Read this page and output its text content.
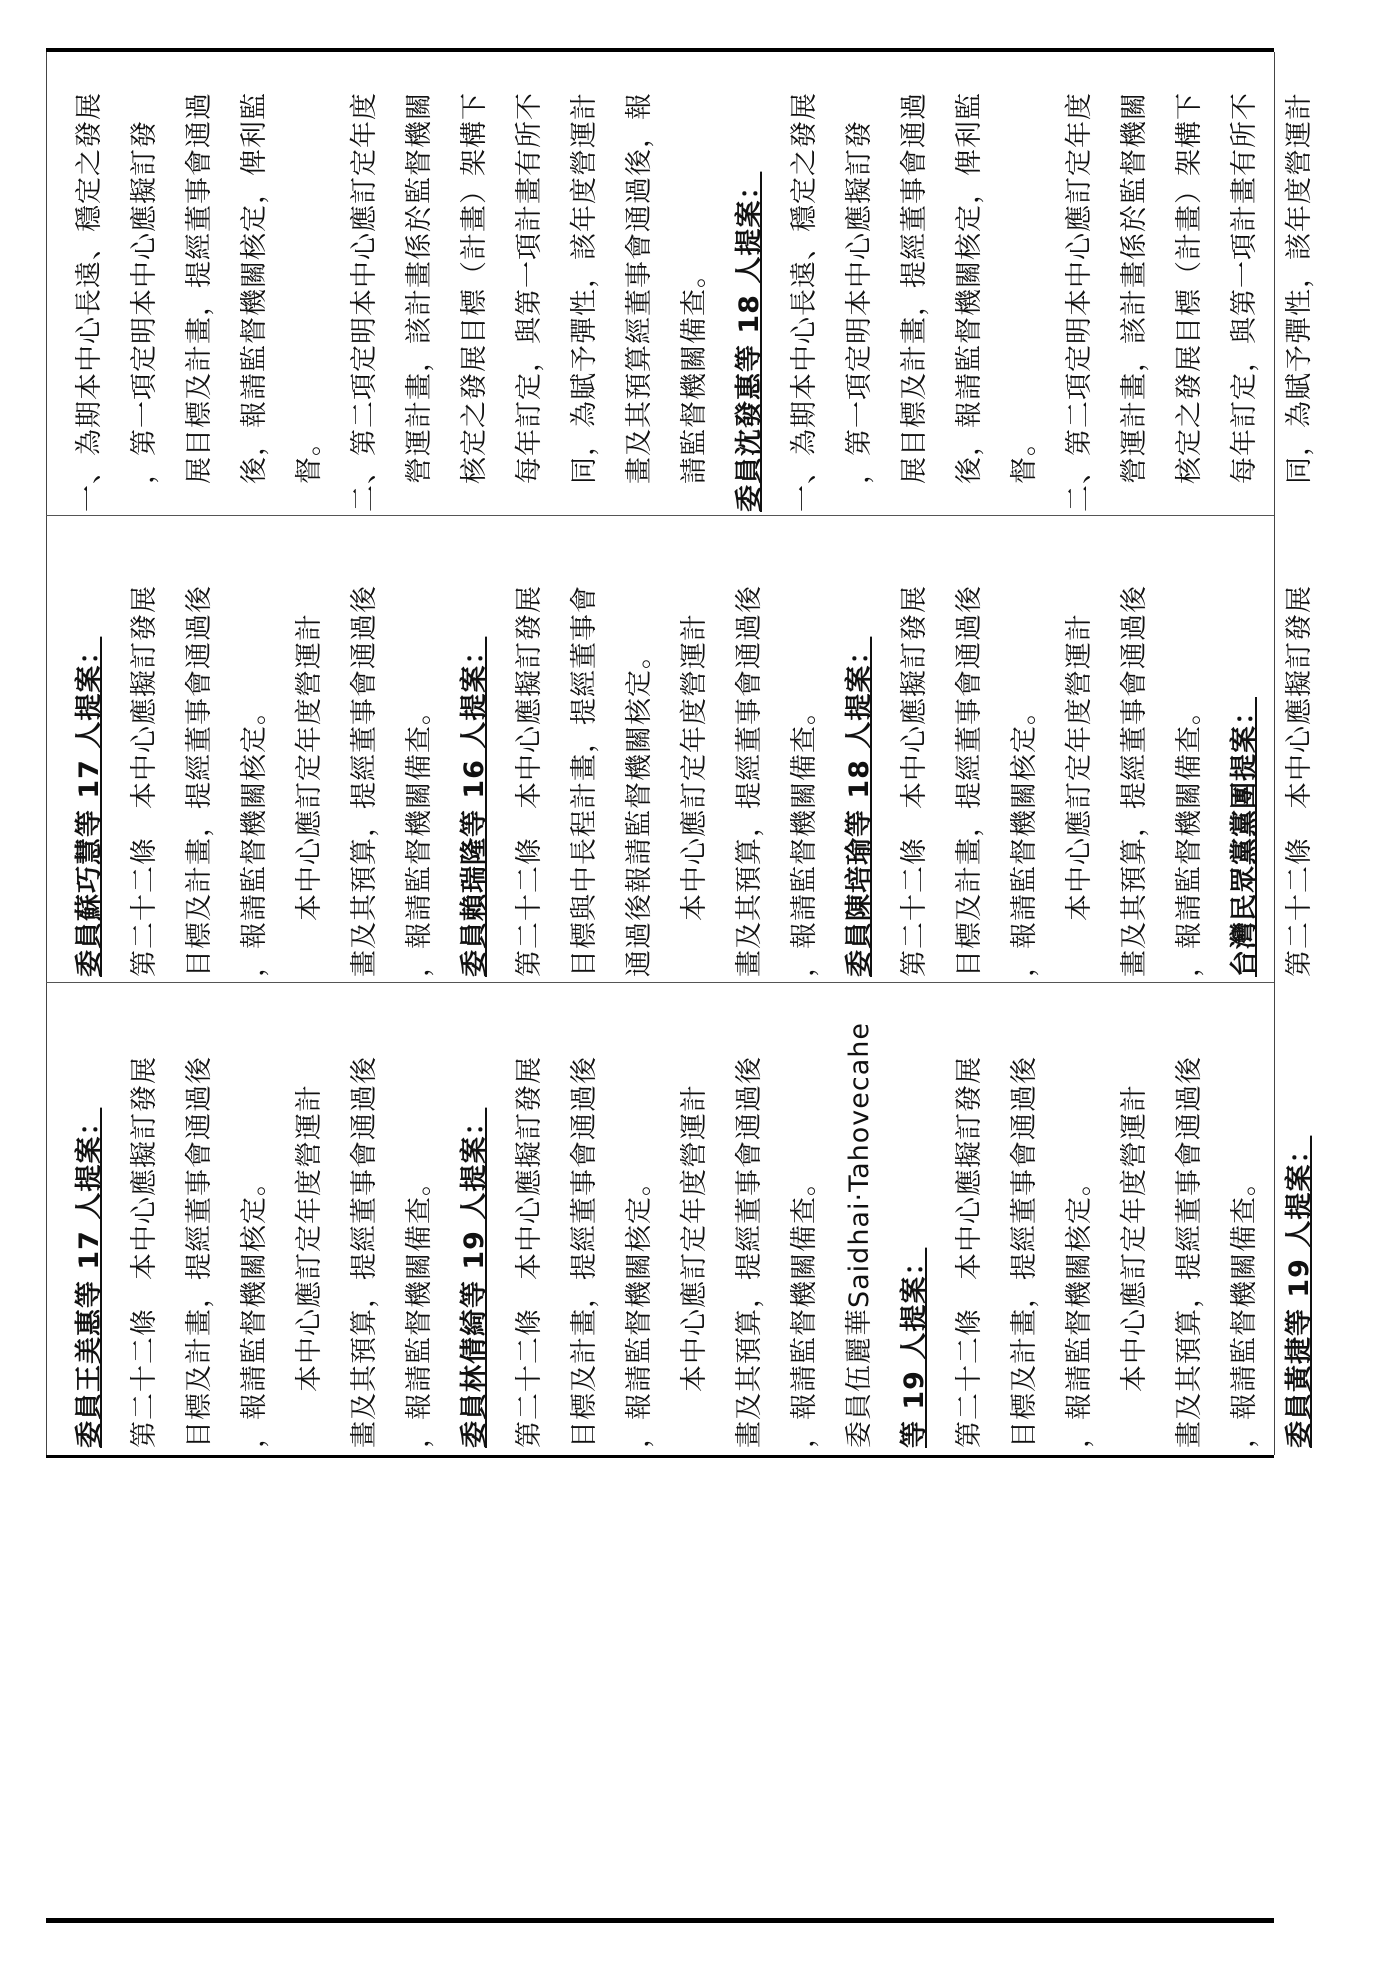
一、為期本中心長遠、穩定之發展 　，第一項定明本中心應擬訂發 　展目標及計畫，提經董事會通過 　後，報請監督機關核定，俾利監 　督。 二、第二項定明本中心應訂定年度 　營運計畫，該計畫係於監督機關 　核定之發展目標（計畫）架構下 　每年訂定，與第一項計畫有所不 　同，為賦予彈性，該年度營運計 　畫及其預算經董事會通過後，報 　請監督機關備查。 委員沈發惠等 18 人提案： 一、為期本中心長遠、穩定之發展 　，第一項定明本中心應擬訂發 　展目標及計畫，提經董事會通過 　後，報請監督機關核定，俾利監 　督。 二、第二項定明本中心應訂定年度 　營運計畫，該計畫係於監督機關 　核定之發展目標（計畫）架構下 　每年訂定，與第一項計畫有所不 　同，為賦予彈性，該年度營運計
委員蘇巧慧等 17 人提案： 第二十二條　本中心應擬訂發展 目標及計畫，提經董事會通過後 ，報請監督機關核定。 　　本中心應訂定年度營運計 畫及其預算，提經董事會通過後 ，報請監督機關備查。 委員賴瑞隆等 16 人提案： 第二十二條　本中心應擬訂發展 目標與中長程計畫，提經董事會 通過後報請監督機關核定。 　　本中心應訂定年度營運計 畫及其預算，提經董事會通過後 ，報請監督機關備查。 委員陳培瑜等 18 人提案： 第二十二條　本中心應擬訂發展 目標及計畫，提經董事會通過後 ，報請監督機關核定。 　　本中心應訂定年度營運計 畫及其預算，提經董事會通過後 ，報請監督機關備查。 台灣民眾黨黨團提案： 第二十二條　本中心應擬訂發展
委員王美惠等 17 人提案： 第二十二條　本中心應擬訂發展 目標及計畫，提經董事會通過後 ，報請監督機關核定。 　　本中心應訂定年度營運計 畫及其預算，提經董事會通過後 ，報請監督機關備查。 委員林倩綺等 19 人提案： 第二十二條　本中心應擬訂發展 目標及計畫，提經董事會通過後 ，報請監督機關核定。 　　本中心應訂定年度營運計 畫及其預算，提經董事會通過後 ，報請監督機關備查。 委員伍麗華Saidhai‧Tahovecahe 等 19 人提案： 第二十二條　本中心應擬訂發展 目標及計畫，提經董事會通過後 ，報請監督機關核定。 　　本中心應訂定年度營運計 畫及其預算，提經董事會通過後 ，報請監督機關備查。 委員黃捷等 19 人提案：
